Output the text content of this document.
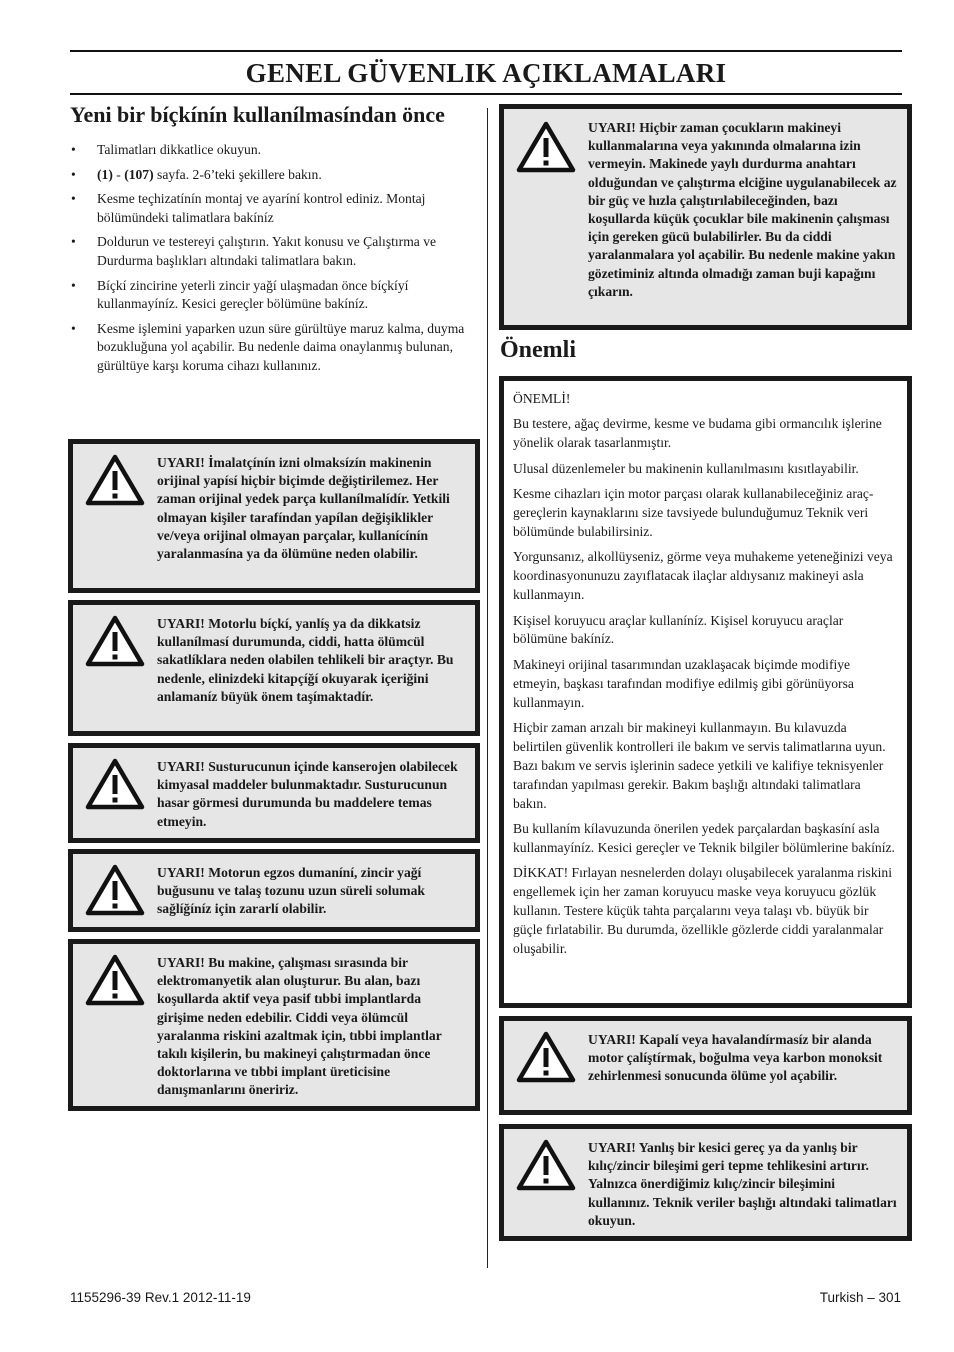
GENEL GÜVENLIK AÇIKLAMALARI
Yeni bir bíçkínín kullanílmasíndan önce
• Talimatları dikkatlice okuyun.
• (1) - (107) sayfa. 2-6’teki şekillere bakın.
• Kesme teçhizatínín montaj ve ayaríní kontrol ediniz. Montaj bölümündeki talimatlara bakíníz
• Doldurun ve testereyi çalıştırın. Yakıt konusu ve Çalıştırma ve Durdurma başlıkları altındaki talimatlara bakın.
• Bíçkí zincirine yeterli zincir yağí ulaşmadan önce bíçkíyí kullanmayíníz. Kesici gereçler bölümüne bakíníz.
• Kesme işlemini yaparken uzun süre gürültüye maruz kalma, duyma bozukluğuna yol açabilir. Bu nedenle daima onaylanmış bulunan, gürültüye karşı koruma cihazı kullanınız.
UYARI! İmalatçínín izni olmaksízín makinenin orijinal yapísí hiçbir biçimde değiştirilemez. Her zaman orijinal yedek parça kullanílmalídír. Yetkili olmayan kişiler tarafíndan yapílan değişiklikler ve/veya orijinal olmayan parçalar, kullanícínín yaralanmasína ya da ölümüne neden olabilir.
UYARI! Motorlu bíçkí, yanlíş ya da dikkatsiz kullanílmasí durumunda, ciddi, hatta ölümcül sakatlíklara neden olabilen tehlikeli bir araçtyr. Bu nedenle, elinizdeki kitapçíğí okuyarak içeriğini anlamaníz büyük önem taşímaktadír.
UYARI! Susturucunun içinde kanserojen olabilecek kimyasal maddeler bulunmaktadır. Susturucunun hasar görmesi durumunda bu maddelere temas etmeyin.
UYARI! Motorun egzos dumaníní, zincir yağí buğusunu ve talaş tozunu uzun süreli solumak sağlíğíníz için zararlí olabilir.
UYARI! Bu makine, çalışması sırasında bir elektromanyetik alan oluşturur. Bu alan, bazı koşullarda aktif veya pasif tıbbi implantlarda girişime neden edebilir. Ciddi veya ölümcül yaralanma riskini azaltmak için, tıbbi implantlar takılı kişilerin, bu makineyi çalıştırmadan önce doktorlarına ve tıbbi implant üreticisine danışmanlarını öneririz.
UYARI! Hiçbir zaman çocukların makineyi kullanmalarına veya yakınında olmalarına izin vermeyin. Makinede yaylı durdurma anahtarı olduğundan ve çalıştırma elciğine uygulanabilecek az bir güç ve hızla çalıştırılabileceğinden, bazı koşullarda küçük çocuklar bile makinenin çalışması için gereken gücü bulabilirler. Bu da ciddi yaralanmalara yol açabilir. Bu nedenle makine yakın gözetiminiz altında olmadığı zaman buji kapağını çıkarın.
Önemli

ÖNEMLİ!

Bu testere, ağaç devirme, kesme ve budama gibi ormancılık işlerine yönelik olarak tasarlanmıştır.

Ulusal düzenlemeler bu makinenin kullanılmasını kısıtlayabilir.

Kesme cihazları için motor parçası olarak kullanabileceğiniz araç-gereçlerin kaynaklarını size tavsiyede bulunduğumuz Teknik veri bölümünde bulabilirsiniz.

Yorgunsanız, alkollüyseniz, görme veya muhakeme yeteneğinizi veya koordinasyonunuzu zayıflatacak ilaçlar aldıysanız makineyi asla kullanmayın.

Kişisel koruyucu araçlar kullaníníz. Kişisel koruyucu araçlar bölümüne bakíníz.

Makineyi orijinal tasarımından uzaklaşacak biçimde modifiye etmeyin, başkası tarafından modifiye edilmiş gibi görünüyorsa kullanmayın.

Hiçbir zaman arızalı bir makineyi kullanmayın. Bu kılavuzda belirtilen güvenlik kontrolleri ile bakım ve servis talimatlarına uyun. Bazı bakım ve servis işlerinin sadece yetkili ve kalifiye teknisyenler tarafından yapılması gerekir. Bakım başlığı altındaki talimatlara bakın.

Bu kullaním kílavuzunda önerilen yedek parçalardan başkasíní asla kullanmayíníz. Kesici gereçler ve Teknik bilgiler bölümlerine bakíníz.

DİKKAT! Fırlayan nesnelerden dolayı oluşabilecek yaralanma riskini engellemek için her zaman koruyucu maske veya koruyucu gözlük kullanın. Testere küçük tahta parçalarını veya talaşı vb. büyük bir güçle fırlatabilir. Bu durumda, özellikle gözlerde ciddi yaralanmalar oluşabilir.

UYARI! Kapalí veya havalandírmasíz bir alanda motor çalíştírmak, boğulma veya karbon monoksit zehirlenmesi sonucunda ölüme yol açabilir.
UYARI! Yanlış bir kesici gereç ya da yanlış bir kılıç/zincir bileşimi geri tepme tehlikesini artırır. Yalnızca önerdiğimiz kılıç/zincir bileşimini kullanınız. Teknik veriler başlığı altındaki talimatları okuyun.
1155296-39 Rev.1 2012-11-19	Turkish – 301
